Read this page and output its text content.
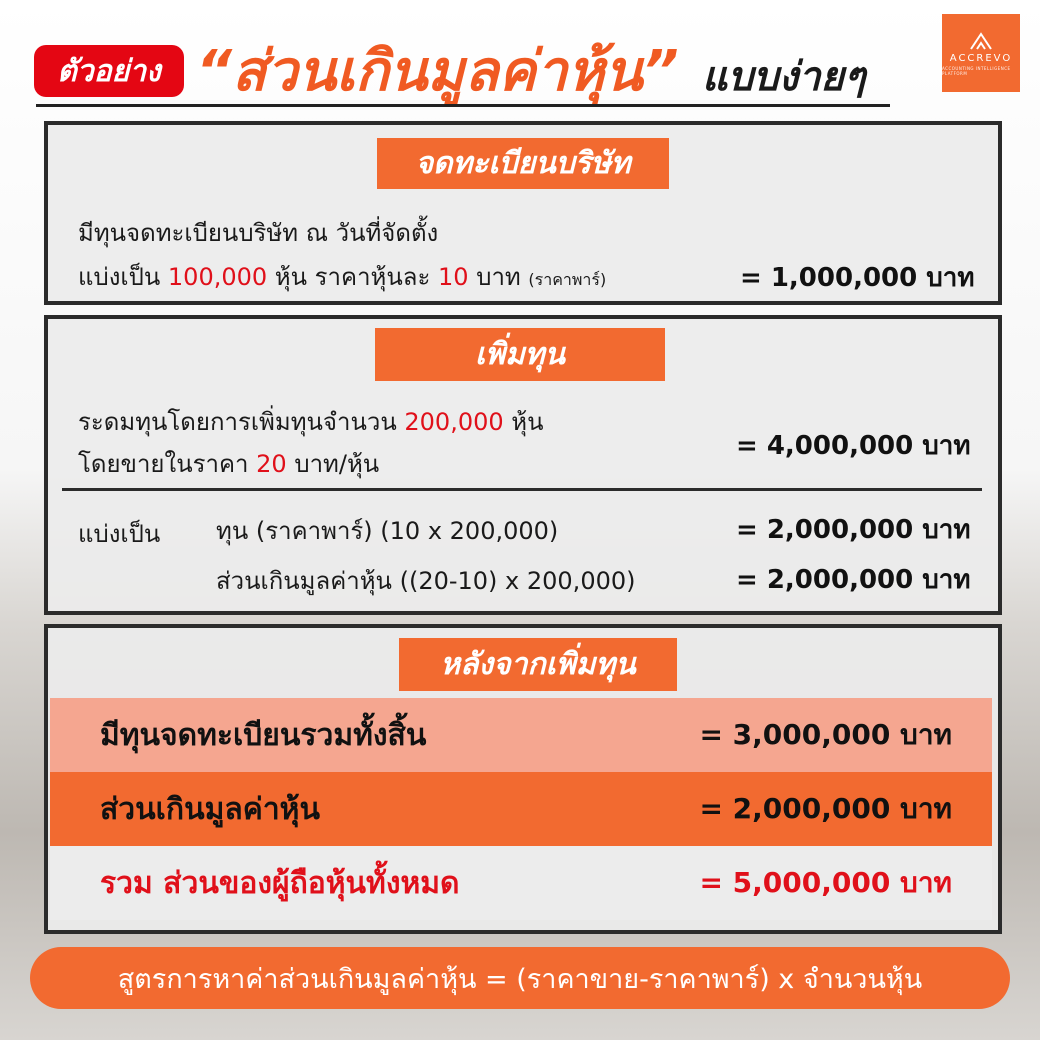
ตัวอย่าง “ส่วนเกินมูลค่าหุ้น” แบบง่ายๆ	ACCREVO
ACCOUNTING INTELLIGENCE PLATFORM
จดทะเบียนบริษัท
มีทุนจดทะเบียนบริษัท ณ วันที่จัดตั้ง
แบ่งเป็น 100,000 หุ้น ราคาหุ้นละ 10 บาท (ราคาพาร์)	= 1,000,000 บาท
เพิ่มทุน
ระดมทุนโดยการเพิ่มทุนจำนวน 200,000 หุ้น
โดยขายในราคา 20 บาท/หุ้น
= 4,000,000 บาท
แบ่งเป็น ทุน (ราคาพาร์) (10 x 200,000)	= 2,000,000 บาท
ส่วนเกินมูลค่าหุ้น ((20-10) x 200,000)	= 2,000,000 บาท
หลังจากเพิ่มทุน
มีทุนจดทะเบียนรวมทั้งสิ้น	= 3,000,000 บาท
ส่วนเกินมูลค่าหุ้น	= 2,000,000 บาท
รวม ส่วนของผู้ถือหุ้นทั้งหมด	= 5,000,000 บาท
สูตรการหาค่าส่วนเกินมูลค่าหุ้น = (ราคาขาย-ราคาพาร์) x จำนวนหุ้น
